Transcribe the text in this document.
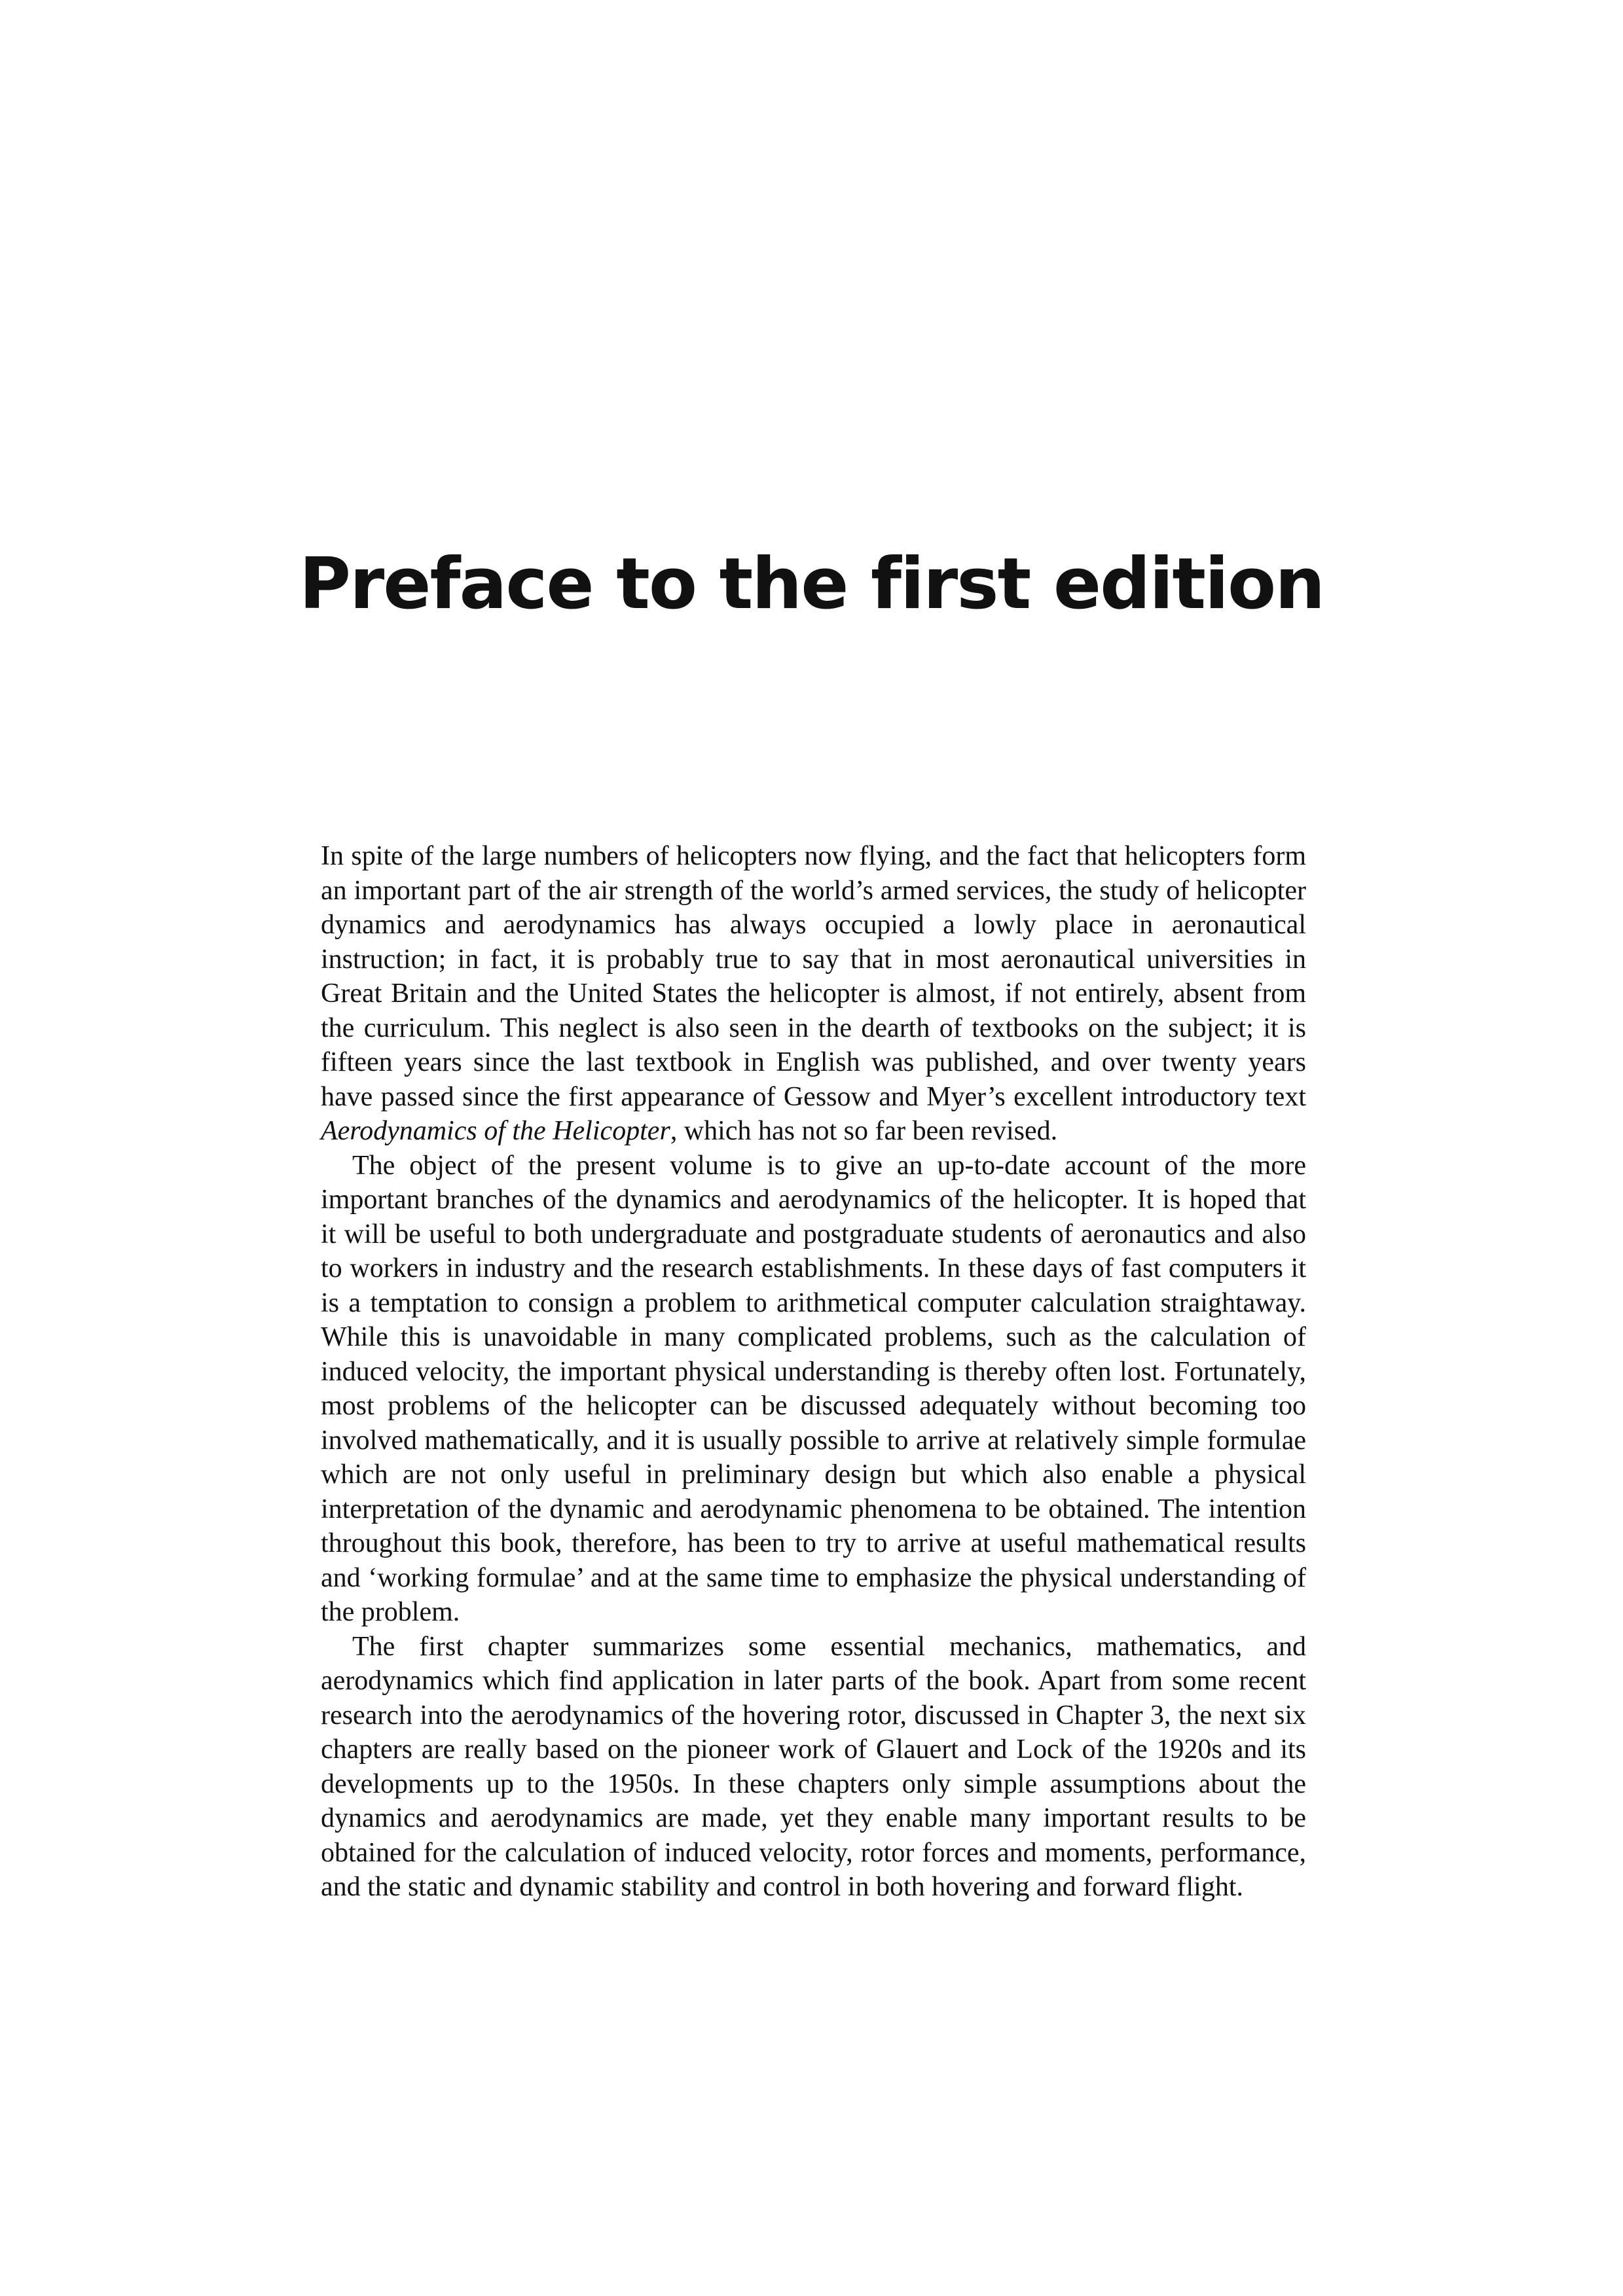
Preface to the first edition

In spite of the large numbers of helicopters now flying, and the fact that helicopters form an important part of the air strength of the world’s armed services, the study of helicopter dynamics and aerodynamics has always occupied a lowly place in aeronautical instruction; in fact, it is probably true to say that in most aeronautical universities in Great Britain and the United States the helicopter is almost, if not entirely, absent from the curriculum. This neglect is also seen in the dearth of textbooks on the subject; it is fifteen years since the last textbook in English was published, and over twenty years have passed since the first appearance of Gessow and Myer’s excellent introductory text Aerodynamics of the Helicopter, which has not so far been revised.

The object of the present volume is to give an up-to-date account of the more important branches of the dynamics and aerodynamics of the helicopter. It is hoped that it will be useful to both undergraduate and postgraduate students of aeronautics and also to workers in industry and the research establishments. In these days of fast computers it is a temptation to consign a problem to arithmetical computer calculation straightaway. While this is unavoidable in many complicated problems, such as the calculation of induced velocity, the important physical understanding is thereby often lost. Fortunately, most problems of the helicopter can be discussed adequately without becoming too involved mathematically, and it is usually possible to arrive at relatively simple formulae which are not only useful in preliminary design but which also enable a physical interpretation of the dynamic and aerodynamic phenomena to be obtained. The intention throughout this book, therefore, has been to try to arrive at useful mathematical results and ‘working formulae’ and at the same time to emphasize the physical understanding of the problem.

The first chapter summarizes some essential mechanics, mathematics, and aerodynamics which find application in later parts of the book. Apart from some recent research into the aerodynamics of the hovering rotor, discussed in Chapter 3, the next six chapters are really based on the pioneer work of Glauert and Lock of the 1920s and its developments up to the 1950s. In these chapters only simple assumptions about the dynamics and aerodynamics are made, yet they enable many important results to be obtained for the calculation of induced velocity, rotor forces and moments, performance, and the static and dynamic stability and control in both hovering and forward flight.
